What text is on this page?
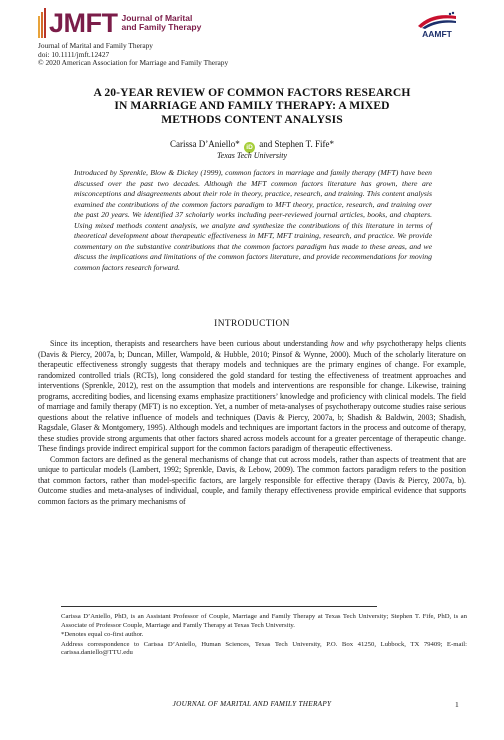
JMFT Journal of Marital
and Family Therapy
AAMFT
Journal of Marital and Family Therapy
doi: 10.1111/jmft.12427
© 2020 American Association for Marriage and Family Therapy
A 20-YEAR REVIEW OF COMMON FACTORS RESEARCH
IN MARRIAGE AND FAMILY THERAPY: A MIXED
METHODS CONTENT ANALYSIS
Carissa D’Aniello* iD and Stephen T. Fife*
Texas Tech University
Introduced by Sprenkle, Blow & Dickey (1999), common factors in marriage and family therapy (MFT) have been discussed over the past two decades. Although the MFT common factors literature has grown, there are misconceptions and disagreements about their role in theory, practice, research, and training. This content analysis examined the contributions of the common factors paradigm to MFT theory, practice, research, and training over the past 20 years. We identified 37 scholarly works including peer-reviewed journal articles, books, and chapters. Using mixed methods content analysis, we analyze and synthesize the contributions of this literature in terms of theoretical development about therapeutic effectiveness in MFT, MFT training, research, and practice. We provide commentary on the substantive contributions that the common factors paradigm has made to these areas, and we discuss the implications and limitations of the common factors literature, and provide recommendations for moving common factors research forward.
INTRODUCTION

Since its inception, therapists and researchers have been curious about understanding how and why psychotherapy helps clients (Davis & Piercy, 2007a, b; Duncan, Miller, Wampold, & Hubble, 2010; Pinsof & Wynne, 2000). Much of the scholarly literature on therapeutic effectiveness strongly suggests that therapy models and techniques are the primary engines of change. For example, randomized controlled trials (RCTs), long considered the gold standard for testing the effectiveness of treatment approaches and interventions (Sprenkle, 2012), rest on the assumption that models and interventions are responsible for change. Likewise, training programs, accrediting bodies, and licensing exams emphasize practitioners’ knowledge and proficiency with clinical models. The field of marriage and family therapy (MFT) is no exception. Yet, a number of meta-analyses of psychotherapy outcome studies raise serious questions about the relative influence of models and techniques (Davis & Piercy, 2007a, b; Shadish & Baldwin, 2003; Shadish, Ragsdale, Glaser & Montgomery, 1995). Although models and techniques are important factors in the process and outcome of therapy, these studies provide strong arguments that other factors shared across models account for a greater percentage of therapeutic change. These findings provide indirect empirical support for the common factors paradigm of therapeutic effectiveness.

Common factors are defined as the general mechanisms of change that cut across models, rather than aspects of treatment that are unique to particular models (Lambert, 1992; Sprenkle, Davis, & Lebow, 2009). The common factors paradigm refers to the position that common factors, rather than model-specific factors, are largely responsible for effective therapy (Davis & Piercy, 2007a, b). Outcome studies and meta-analyses of individual, couple, and family therapy effectiveness provide empirical evidence that supports common factors as the primary mechanisms of

Carissa D’Aniello, PhD, is an Assistant Professor of Couple, Marriage and Family Therapy at Texas Tech University; Stephen T. Fife, PhD, is an Associate of Professor Couple, Marriage and Family Therapy at Texas Tech University.

*Denotes equal co-first author.

Address correspondence to Carissa D’Aniello, Human Sciences, Texas Tech University, P.O. Box 41250, Lubbock, TX 79409; E-mail: carissa.daniello@TTU.edu

JOURNAL OF MARITAL AND FAMILY THERAPY	1
